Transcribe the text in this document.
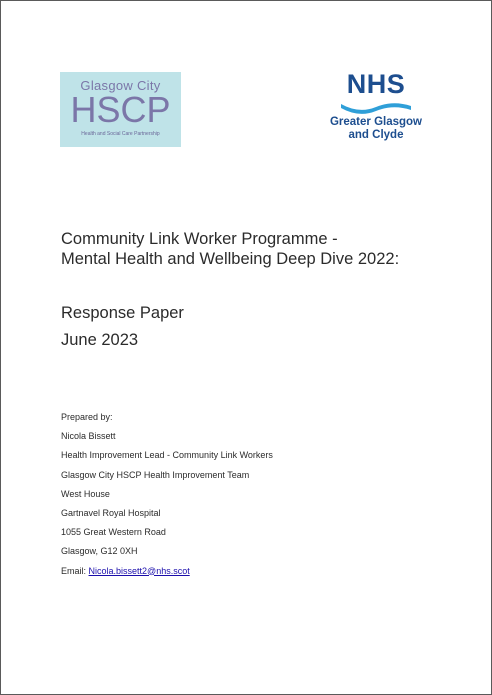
Glasgow City
HSCP
Health and Social Care Partnership
NHS
Greater Glasgow
and Clyde
Community Link Worker Programme -
Mental Health and Wellbeing Deep Dive 2022:
Response Paper
June 2023
Prepared by:
Nicola Bissett
Health Improvement Lead - Community Link Workers
Glasgow City HSCP Health Improvement Team
West House
Gartnavel Royal Hospital
1055 Great Western Road
Glasgow, G12 0XH
Email: Nicola.bissett2@nhs.scot
